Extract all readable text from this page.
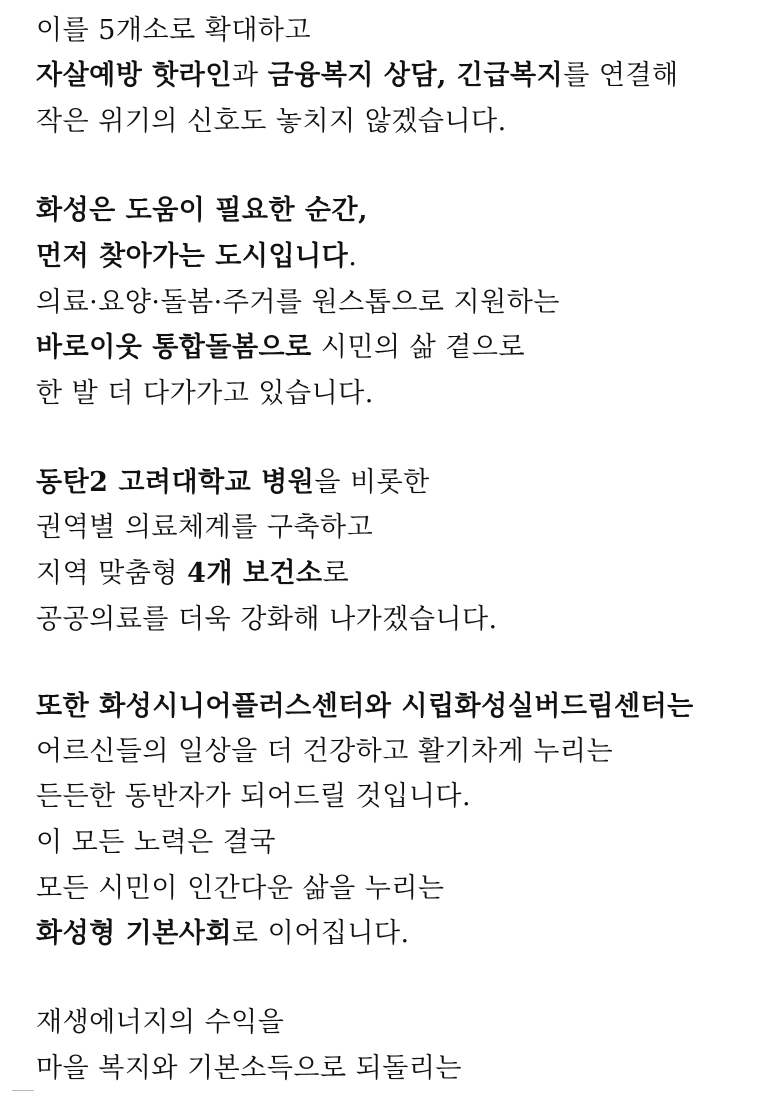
이를 5개소로 확대하고
자살예방 핫라인과 금융복지 상담, 긴급복지를 연결해
작은 위기의 신호도 놓치지 않겠습니다.
화성은 도움이 필요한 순간,
먼저 찾아가는 도시입니다.
의료·요양·돌봄·주거를 원스톱으로 지원하는
바로이웃 통합돌봄으로 시민의 삶 곁으로
한 발 더 다가가고 있습니다.
동탄2 고려대학교 병원을 비롯한
권역별 의료체계를 구축하고
지역 맞춤형 4개 보건소로
공공의료를 더욱 강화해 나가겠습니다.
또한 화성시니어플러스센터와 시립화성실버드림센터는
어르신들의 일상을 더 건강하고 활기차게 누리는
든든한 동반자가 되어드릴 것입니다.
이 모든 노력은 결국
모든 시민이 인간다운 삶을 누리는
화성형 기본사회로 이어집니다.
재생에너지의 수익을
마을 복지와 기본소득으로 되돌리는
